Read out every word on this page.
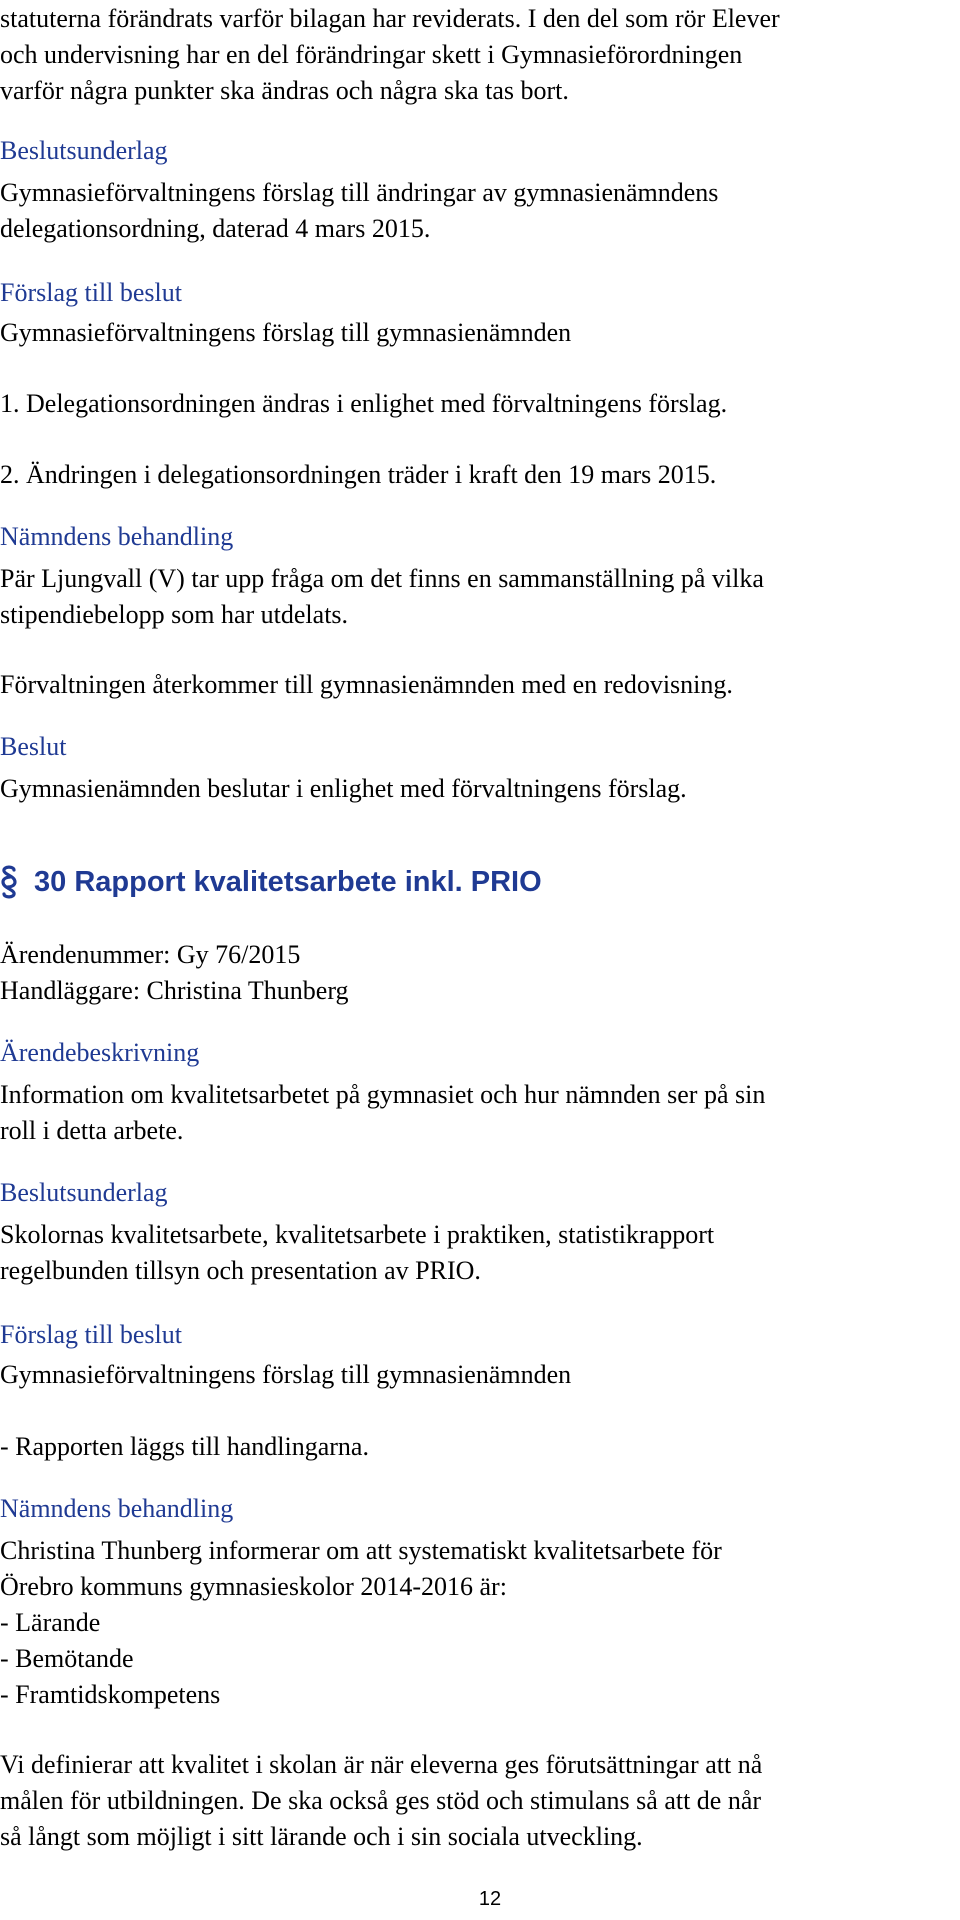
statuterna förändrats varför bilagan har reviderats. I den del som rör Elever

och undervisning har en del förändringar skett i Gymnasieförordningen

varför några punkter ska ändras och några ska tas bort.

Beslutsunderlag

Gymnasieförvaltningens förslag till ändringar av gymnasienämndens

delegationsordning, daterad 4 mars 2015.

Förslag till beslut

Gymnasieförvaltningens förslag till gymnasienämnden

1. Delegationsordningen ändras i enlighet med förvaltningens förslag.

2. Ändringen i delegationsordningen träder i kraft den 19 mars 2015.

Nämndens behandling

Pär Ljungvall (V) tar upp fråga om det finns en sammanställning på vilka

stipendiebelopp som har utdelats.

Förvaltningen återkommer till gymnasienämnden med en redovisning.

Beslut

Gymnasienämnden beslutar i enlighet med förvaltningens förslag.

30 Rapport kvalitetsarbete inkl. PRIO

Ärendenummer: Gy 76/2015

Handläggare: Christina Thunberg

Ärendebeskrivning

Information om kvalitetsarbetet på gymnasiet och hur nämnden ser på sin

roll i detta arbete.

Beslutsunderlag

Skolornas kvalitetsarbete, kvalitetsarbete i praktiken, statistikrapport

regelbunden tillsyn och presentation av PRIO.

Förslag till beslut

Gymnasieförvaltningens förslag till gymnasienämnden

- Rapporten läggs till handlingarna.

Nämndens behandling

Christina Thunberg informerar om att systematiskt kvalitetsarbete för

Örebro kommuns gymnasieskolor 2014-2016 är:

- Lärande

- Bemötande

- Framtidskompetens

Vi definierar att kvalitet i skolan är när eleverna ges förutsättningar att nå

målen för utbildningen. De ska också ges stöd och stimulans så att de når

så långt som möjligt i sitt lärande och i sin sociala utveckling.

12
